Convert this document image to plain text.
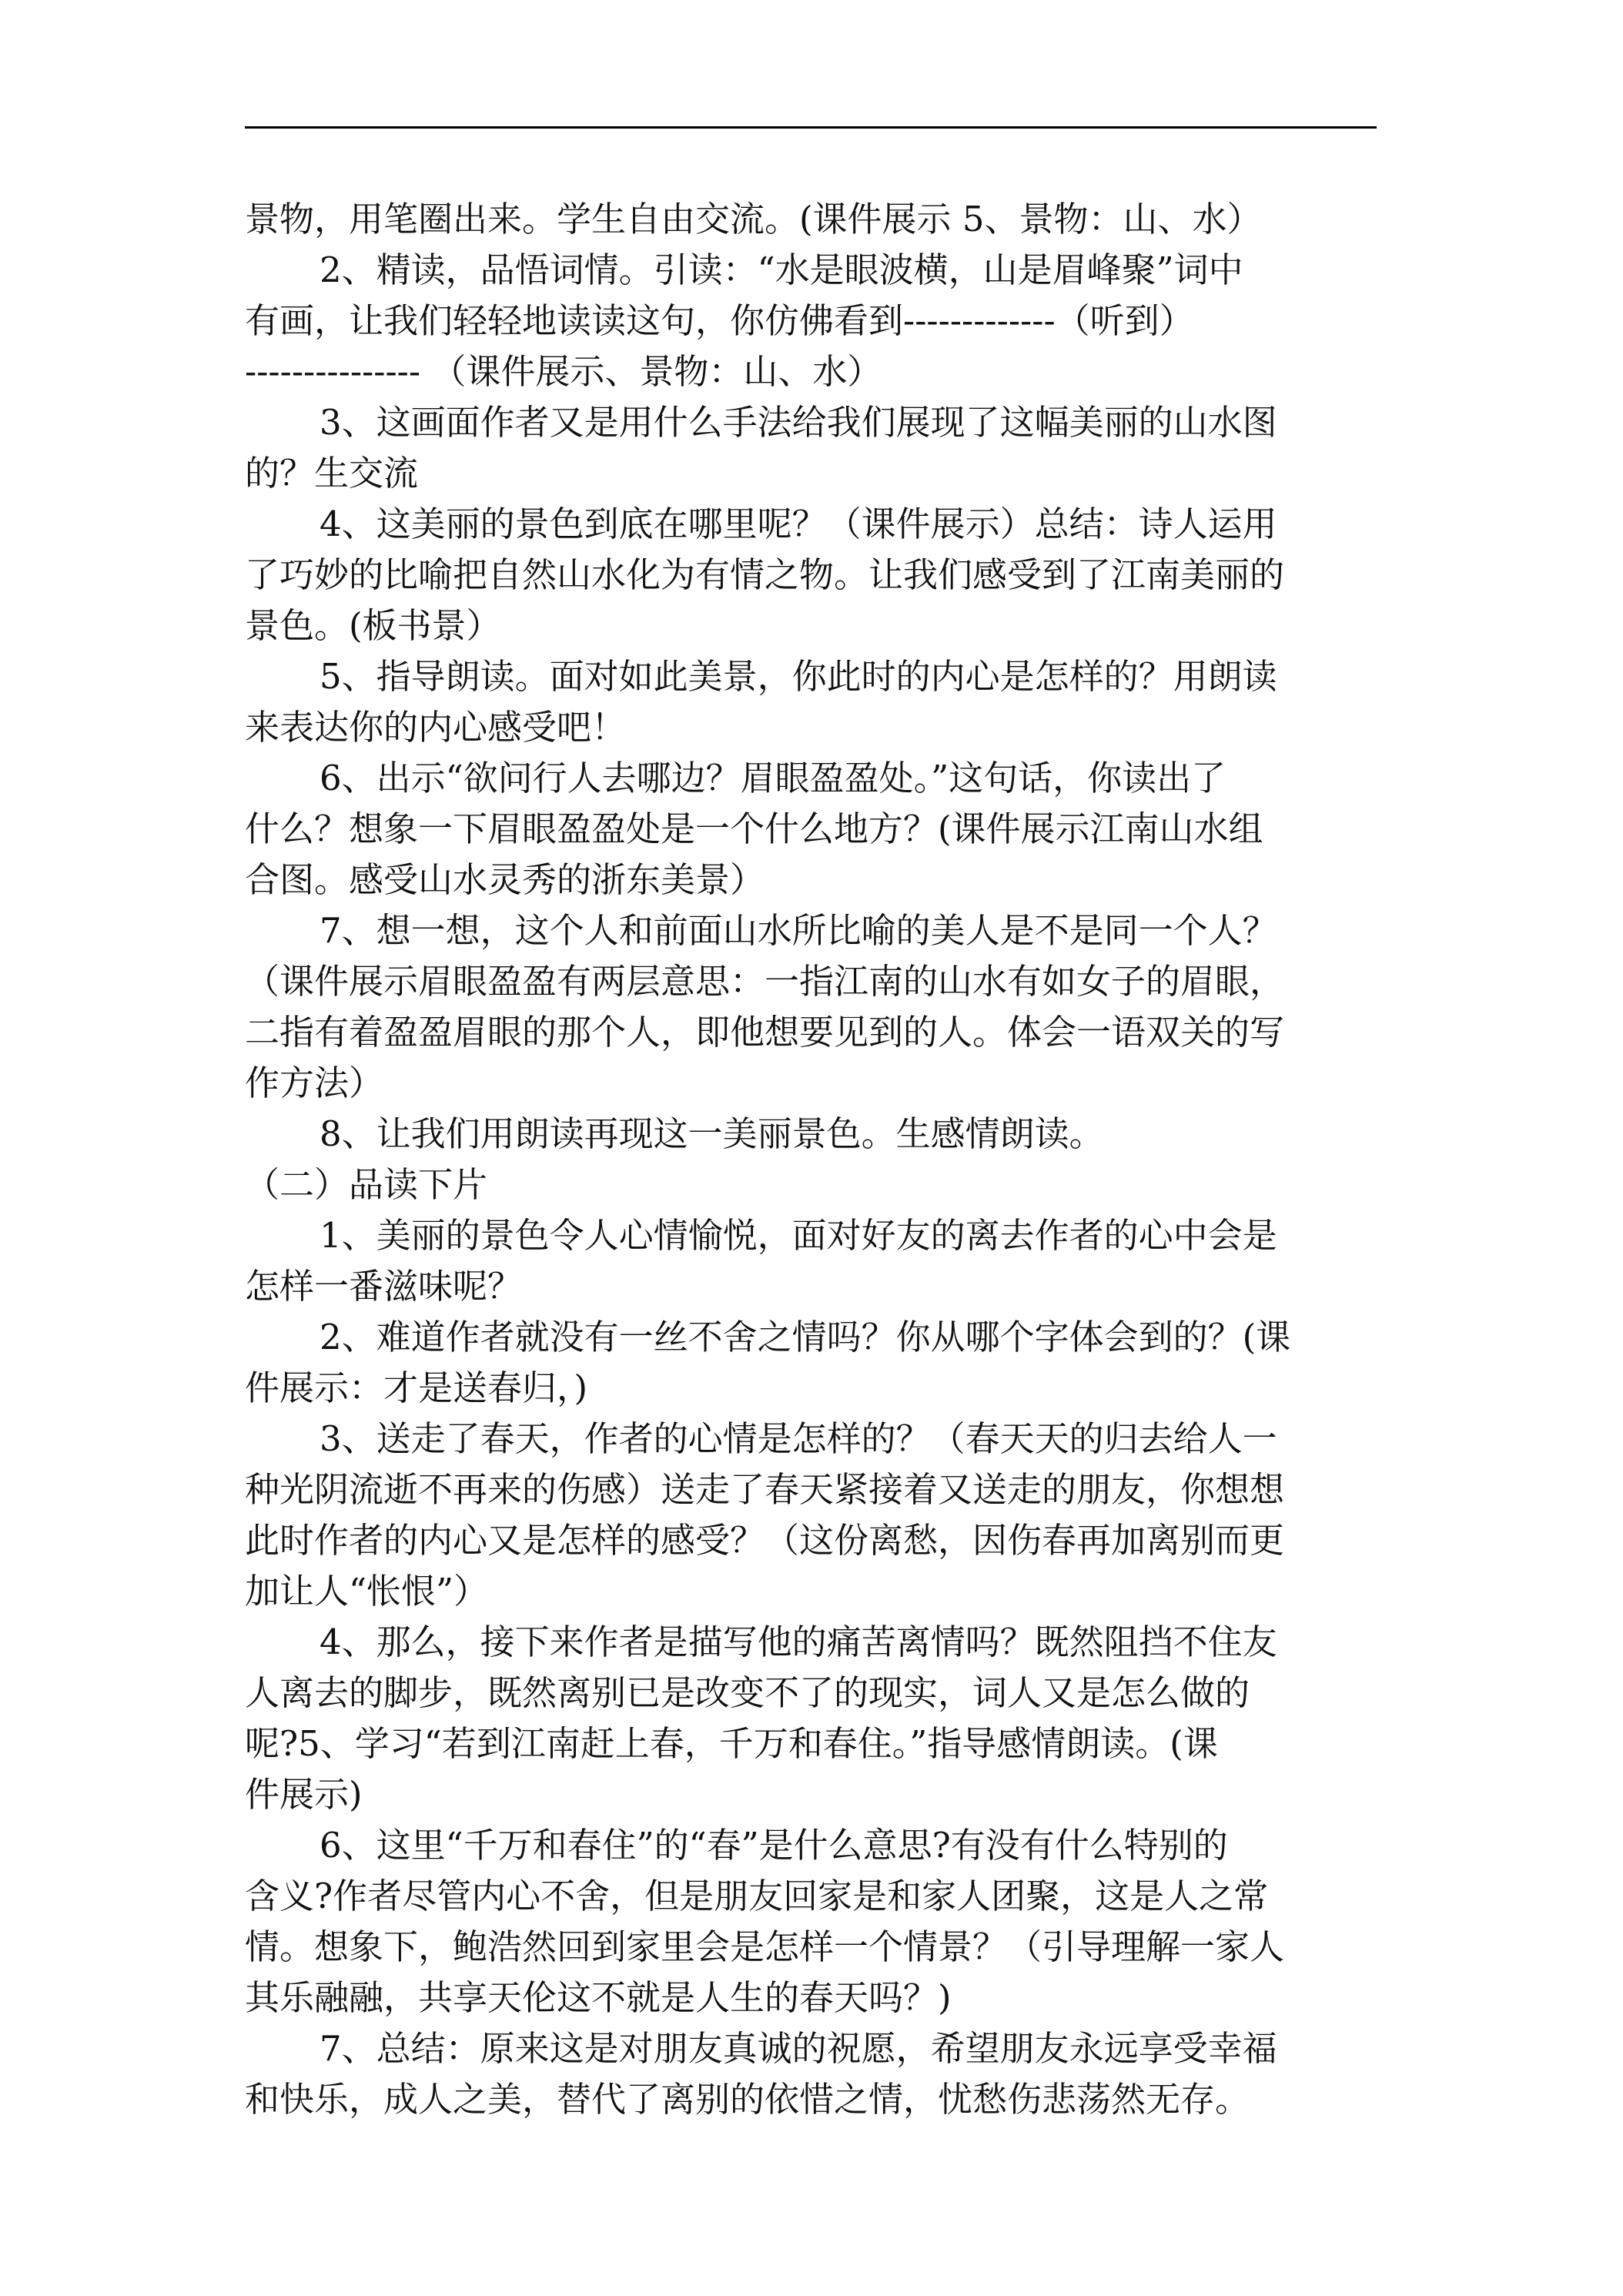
景物，用笔圈出来。学生自由交流。(课件展示 5、景物：山、水）
2、精读，品悟词情。引读：“水是眼波横，山是眉峰聚”词中
有画，让我们轻轻地读读这句，你仿佛看到-------------（听到）
--------------- （课件展示、景物：山、水）
3、这画面作者又是用什么手法给我们展现了这幅美丽的山水图
的？生交流
4、这美丽的景色到底在哪里呢？（课件展示）总结：诗人运用
了巧妙的比喻把自然山水化为有情之物。让我们感受到了江南美丽的
景色。(板书景）
5、指导朗读。面对如此美景，你此时的内心是怎样的？用朗读
来表达你的内心感受吧！
6、出示“欲问行人去哪边？眉眼盈盈处。”这句话，你读出了
什么？想象一下眉眼盈盈处是一个什么地方？(课件展示江南山水组
合图。感受山水灵秀的浙东美景）
7、想一想，这个人和前面山水所比喻的美人是不是同一个人？
（课件展示眉眼盈盈有两层意思：一指江南的山水有如女子的眉眼，
二指有着盈盈眉眼的那个人，即他想要见到的人。体会一语双关的写
作方法）
8、让我们用朗读再现这一美丽景色。生感情朗读。
（二）品读下片
1、美丽的景色令人心情愉悦，面对好友的离去作者的心中会是
怎样一番滋味呢？
2、难道作者就没有一丝不舍之情吗？你从哪个字体会到的？(课
件展示：才是送春归，)
3、送走了春天，作者的心情是怎样的？（春天天的归去给人一
种光阴流逝不再来的伤感）送走了春天紧接着又送走的朋友，你想想
此时作者的内心又是怎样的感受？（这份离愁，因伤春再加离别而更
加让人“怅恨”）
4、那么，接下来作者是描写他的痛苦离情吗？既然阻挡不住友
人离去的脚步，既然离别已是改变不了的现实，词人又是怎么做的
呢?5、学习“若到江南赶上春，千万和春住。”指导感情朗读。(课
件展示)
6、这里“千万和春住”的“春”是什么意思?有没有什么特别的
含义?作者尽管内心不舍，但是朋友回家是和家人团聚，这是人之常
情。想象下，鲍浩然回到家里会是怎样一个情景？（引导理解一家人
其乐融融，共享天伦这不就是人生的春天吗？)
7、总结：原来这是对朋友真诚的祝愿，希望朋友永远享受幸福
和快乐，成人之美，替代了离别的依惜之情，忧愁伤悲荡然无存。
